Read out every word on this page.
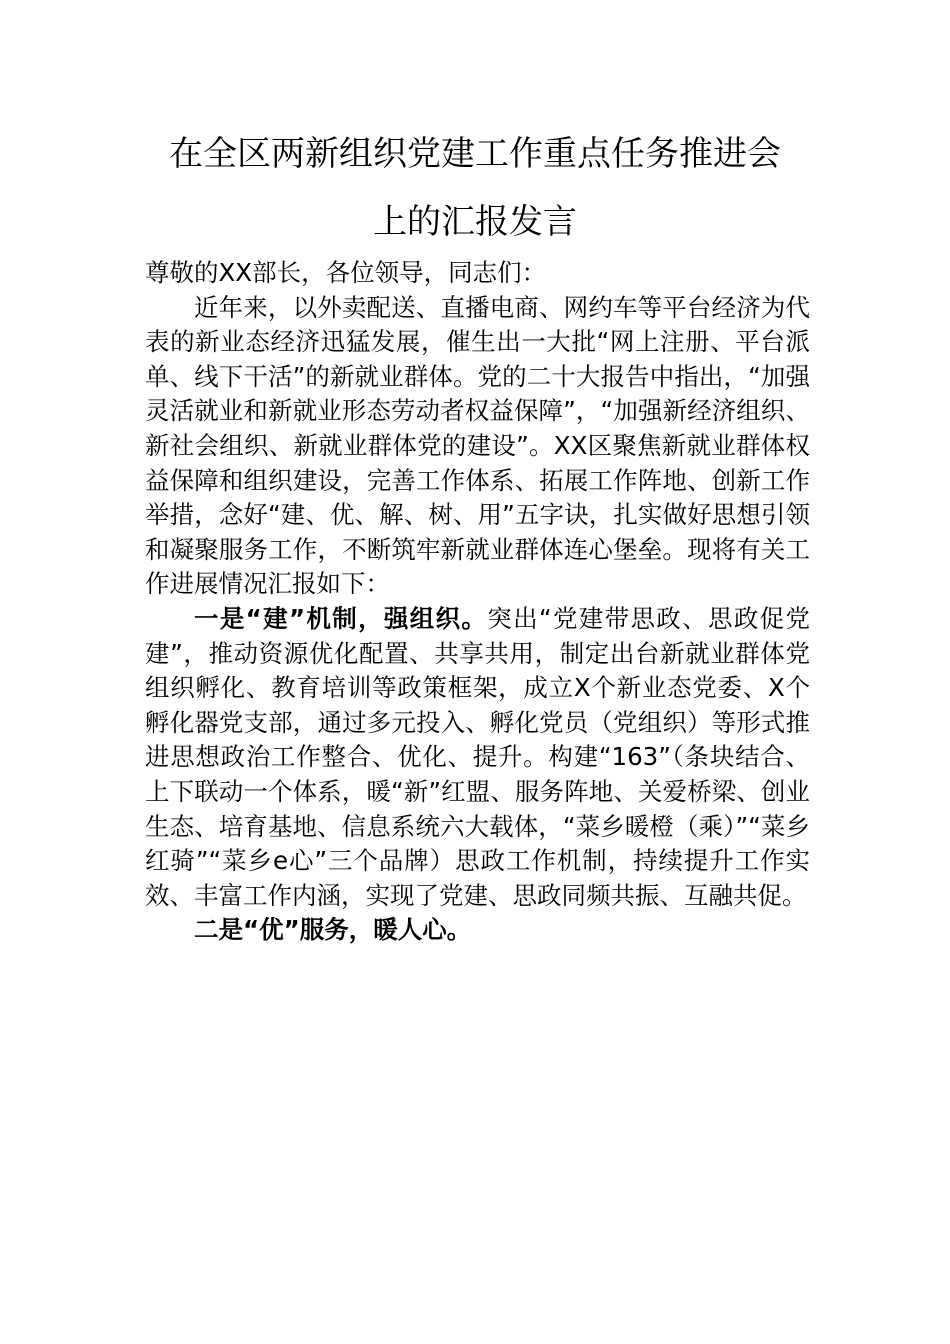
在全区两新组织党建工作重点任务推进会
上的汇报发言

尊敬的XX部长，各位领导，同志们：

近年来，以外卖配送、直播电商、网约车等平台经济为代表的新业态经济迅猛发展，催生出一大批“网上注册、平台派单、线下干活”的新就业群体。党的二十大报告中指出，“加强灵活就业和新就业形态劳动者权益保障”，“加强新经济组织、新社会组织、新就业群体党的建设”。XX区聚焦新就业群体权益保障和组织建设，完善工作体系、拓展工作阵地、创新工作举措，念好“建、优、解、树、用”五字诀，扎实做好思想引领和凝聚服务工作，不断筑牢新就业群体连心堡垒。现将有关工作进展情况汇报如下：

一是“建”机制，强组织。突出“党建带思政、思政促党建”，推动资源优化配置、共享共用，制定出台新就业群体党组织孵化、教育培训等政策框架，成立X个新业态党委、X个孵化器党支部，通过多元投入、孵化党员（党组织）等形式推进思想政治工作整合、优化、提升。构建“163”（条块结合、上下联动一个体系，暖“新”红盟、服务阵地、关爱桥梁、创业生态、培育基地、信息系统六大载体，“菜乡暖橙（乘）”“菜乡红骑”“菜乡e心”三个品牌）思政工作机制，持续提升工作实效、丰富工作内涵，实现了党建、思政同频共振、互融共促。

二是“优”服务，暖人心。
